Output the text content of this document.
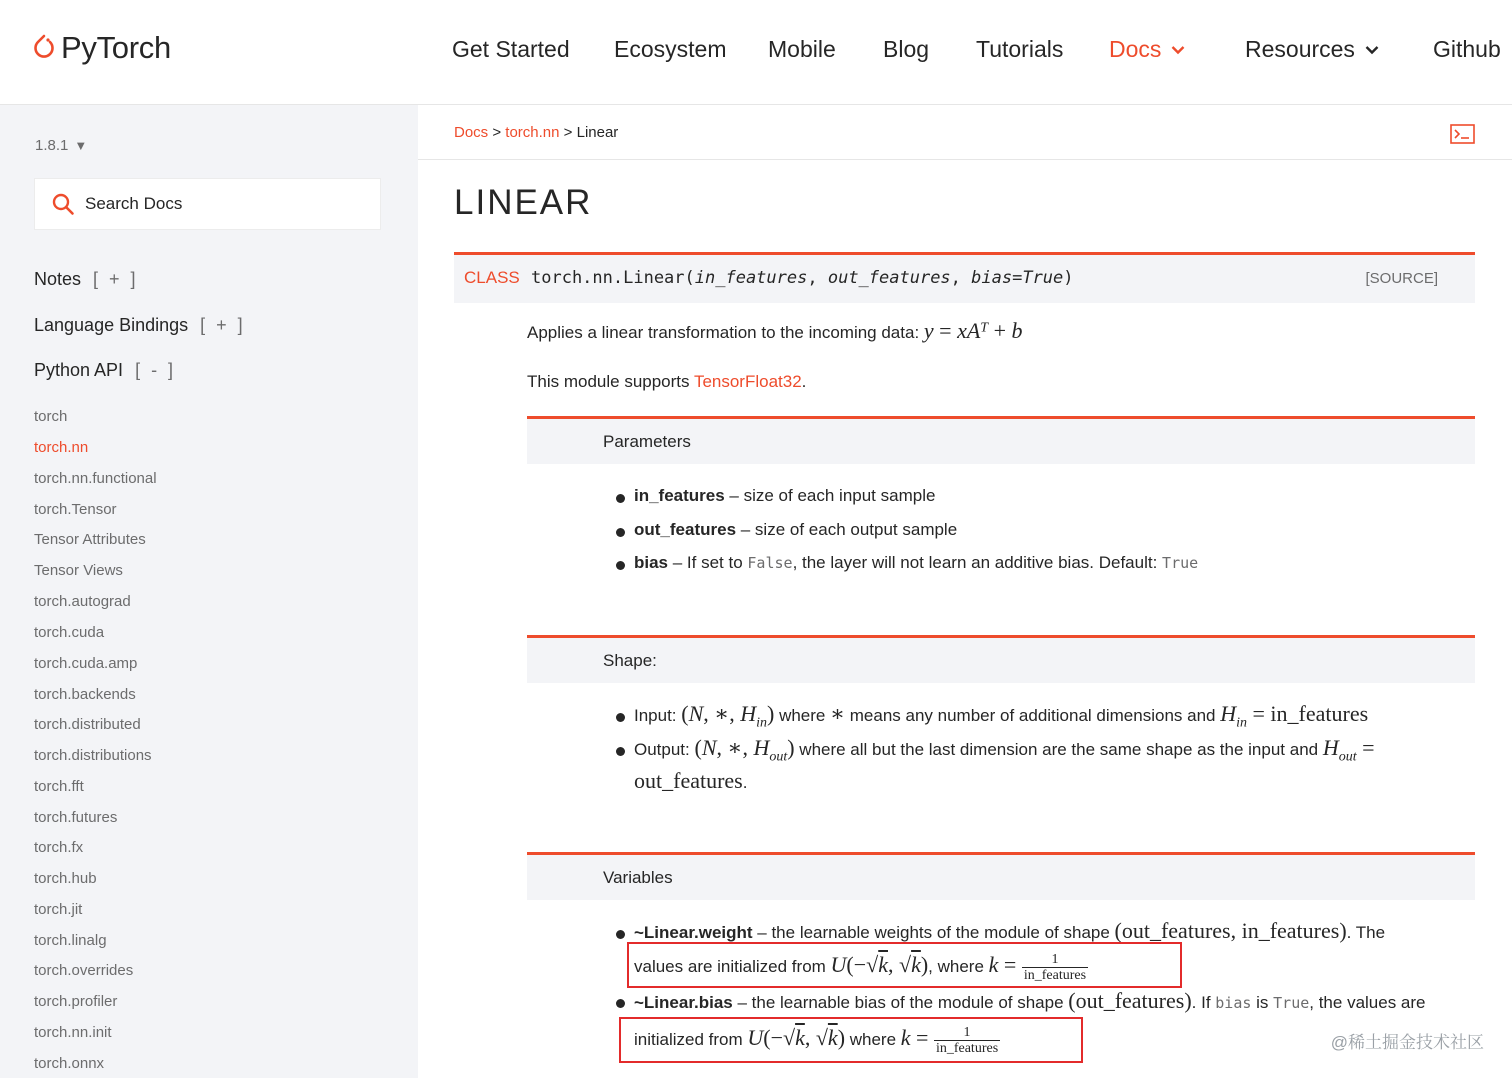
PyTorch	Get Started Ecosystem Mobile Blog Tutorials Docs	Resources	Github
1.8.1 ▼
Search Docs
Notes [ + ]
Language Bindings [ + ]
Python API [ - ]
torch
torch.nn
torch.nn.functional
torch.Tensor
Tensor Attributes
Tensor Views
torch.autograd
torch.cuda
torch.cuda.amp
torch.backends
torch.distributed
torch.distributions
torch.fft
torch.futures
torch.fx
torch.hub
torch.jit
torch.linalg
torch.overrides
torch.profiler
torch.nn.init
torch.onnx
Docs > torch.nn > Linear
LINEAR
CLASS torch.nn.Linear(in_features, out_features, bias=True)	[SOURCE]
Applies a linear transformation to the incoming data: $y = xA^T + b$
This module supports TensorFloat32.
Parameters
in_features – size of each input sample
out_features – size of each output sample
bias – If set to False, the layer will not learn an additive bias. Default: True
Shape:
Input: (N, ∗, $H_{in}$) where ∗ means any number of additional dimensions and $H_{in}$ = in_features
Output: (N, ∗, $H_{out}$) where all but the last dimension are the same shape as the input and $H_{out}$ =
out_features.
Variables
~Linear.weight – the learnable weights of the module of shape (out_features, in_features). The
values are initialized from U(−√k, √k), where $k = \frac{1}{\text{in\_features}}$
~Linear.bias – the learnable bias of the module of shape (out_features). If bias is True, the values are
initialized from U(−√k, √k) where $k = \frac{1}{\text{in\_features}}$	@稀土掘金技术社区
